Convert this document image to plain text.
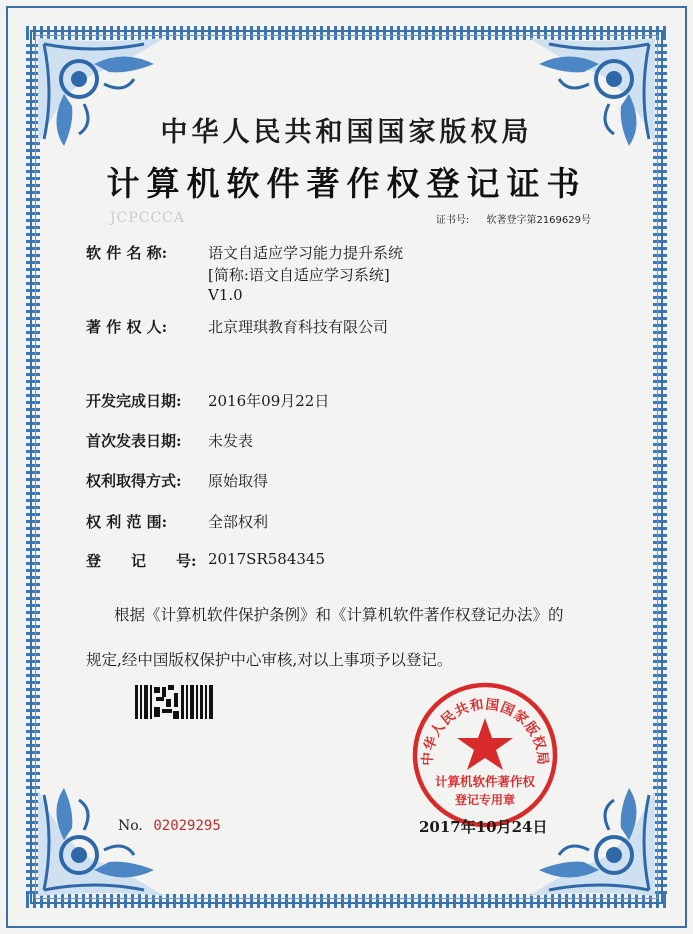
JCPCCCA
中华人民共和国国家版权局
计算机软件著作权登记证书
证书号: 软著登字第2169629号
软 件 名 称:	语文自适应学习能力提升系统
[简称:语文自适应学习系统]
V1.0
著 作 权 人:	北京理琪教育科技有限公司
开发完成日期: 2016年09月22日
首次发表日期: 未发表
权利取得方式: 原始取得
权 利 范 围:	全部权利
登　　记　　号: 2017SR584345
根据《计算机软件保护条例》和《计算机软件著作权登记办法》的
规定,经中国版权保护中心审核,对以上事项予以登记。
No. 02029295
中华人民共和国国家版权局
计算机软件著作权
登记专用章
2017年10月24日
